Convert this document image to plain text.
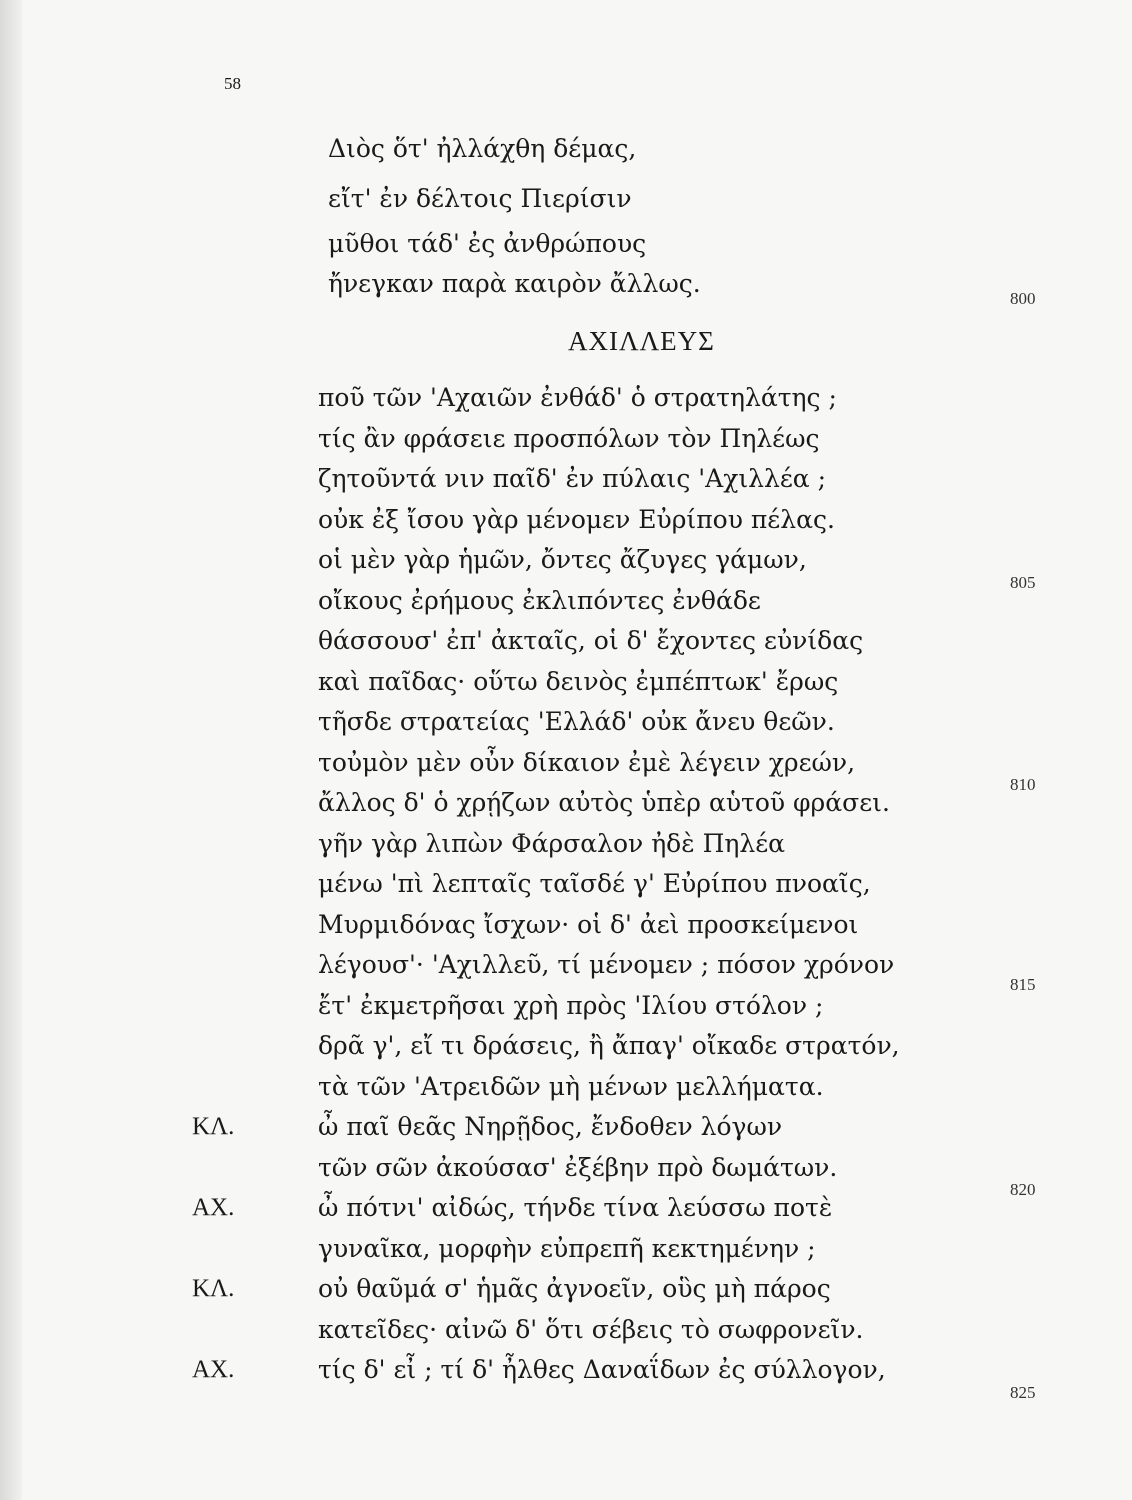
58
Διὸς ὅτ' ἠλλάχθη δέμας,
εἴτ' ἐν δέλτοις Πιερίσιν
μῦθοι τάδ' ἐς ἀνθρώπους
ἤνεγκαν παρὰ καιρὸν ἄλλως.
ΑΧΙΛΛΕΥΣ
ποῦ τῶν 'Αχαιῶν ἐνθάδ' ὁ στρατηλάτης ;
τίς ἂν φράσειε προσπόλων τὸν Πηλέως
ζητοῦντά νιν παῖδ' ἐν πύλαις 'Αχιλλέα ;
οὐκ ἐξ ἴσου γὰρ μένομεν Εὐρίπου πέλας.
οἱ μὲν γὰρ ἡμῶν, ὄντες ἄζυγες γάμων,
οἴκους ἐρήμους ἐκλιπόντες ἐνθάδε
θάσσουσ' ἐπ' ἀκταῖς, οἱ δ' ἔχοντες εὐνίδας
καὶ παῖδας· οὕτω δεινὸς ἐμπέπτωκ' ἔρως
τῆσδε στρατείας 'Ελλάδ' οὐκ ἄνευ θεῶν.
τοὐμὸν μὲν οὖν δίκαιον ἐμὲ λέγειν χρεών,
ἄλλος δ' ὁ χρῄζων αὐτὸς ὑπὲρ αὑτοῦ φράσει.
γῆν γὰρ λιπὼν Φάρσαλον ἠδὲ Πηλέα
μένω 'πὶ λεπταῖς ταῖσδέ γ' Εὐρίπου πνοαῖς,
Μυρμιδόνας ἴσχων· οἱ δ' ἀεὶ προσκείμενοι
λέγουσ'· 'Αχιλλεῦ, τί μένομεν ; πόσον χρόνον
ἔτ' ἐκμετρῆσαι χρὴ πρὸς 'Ιλίου στόλον ;
δρᾶ γ', εἴ τι δράσεις, ἢ ἄπαγ' οἴκαδε στρατόν,
τὰ τῶν 'Ατρειδῶν μὴ μένων μελλήματα.
ΚΛ.	ὦ παῖ θεᾶς Νηρῇδος, ἔνδοθεν λόγων
τῶν σῶν ἀκούσασ' ἐξέβην πρὸ δωμάτων.
ΑΧ.	ὦ πότνι' αἰδώς, τήνδε τίνα λεύσσω ποτὲ
γυναῖκα, μορφὴν εὐπρεπῆ κεκτημένην ;
ΚΛ.	οὐ θαῦμά σ' ἡμᾶς ἀγνοεῖν, οὓς μὴ πάρος
κατεῖδες· αἰνῶ δ' ὅτι σέβεις τὸ σωφρονεῖν.
ΑΧ.	τίς δ' εἶ ; τί δ' ἦλθες Δαναΐδων ἐς σύλλογον,
800
805
810
815
820
825
